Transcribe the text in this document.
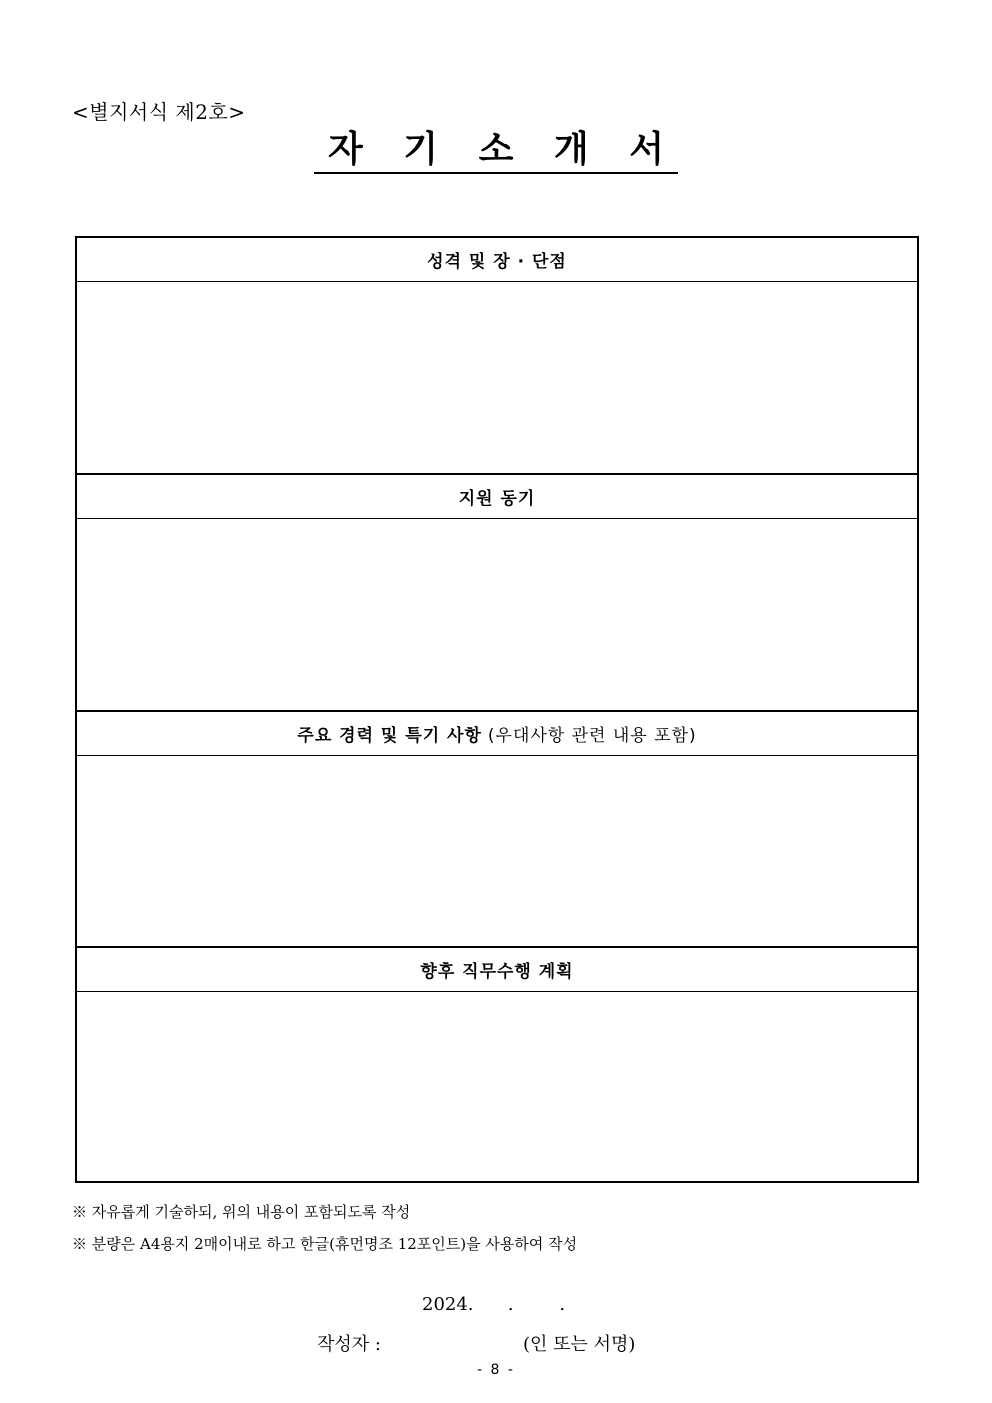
<별지서식 제2호>
자 기 소 개 서
성격 및 장 · 단점
지원 동기
주요 경력 및 특기 사항 (우대사항 관련 내용 포함)
향후 직무수행 계획
※ 자유롭게 기술하되, 위의 내용이 포함되도록 작성
※ 분량은 A4용지 2매이내로 하고 한글(휴먼명조 12포인트)을 사용하여 작성
2024.      .        .
작성자 :	(인 또는 서명)
- 8 -
